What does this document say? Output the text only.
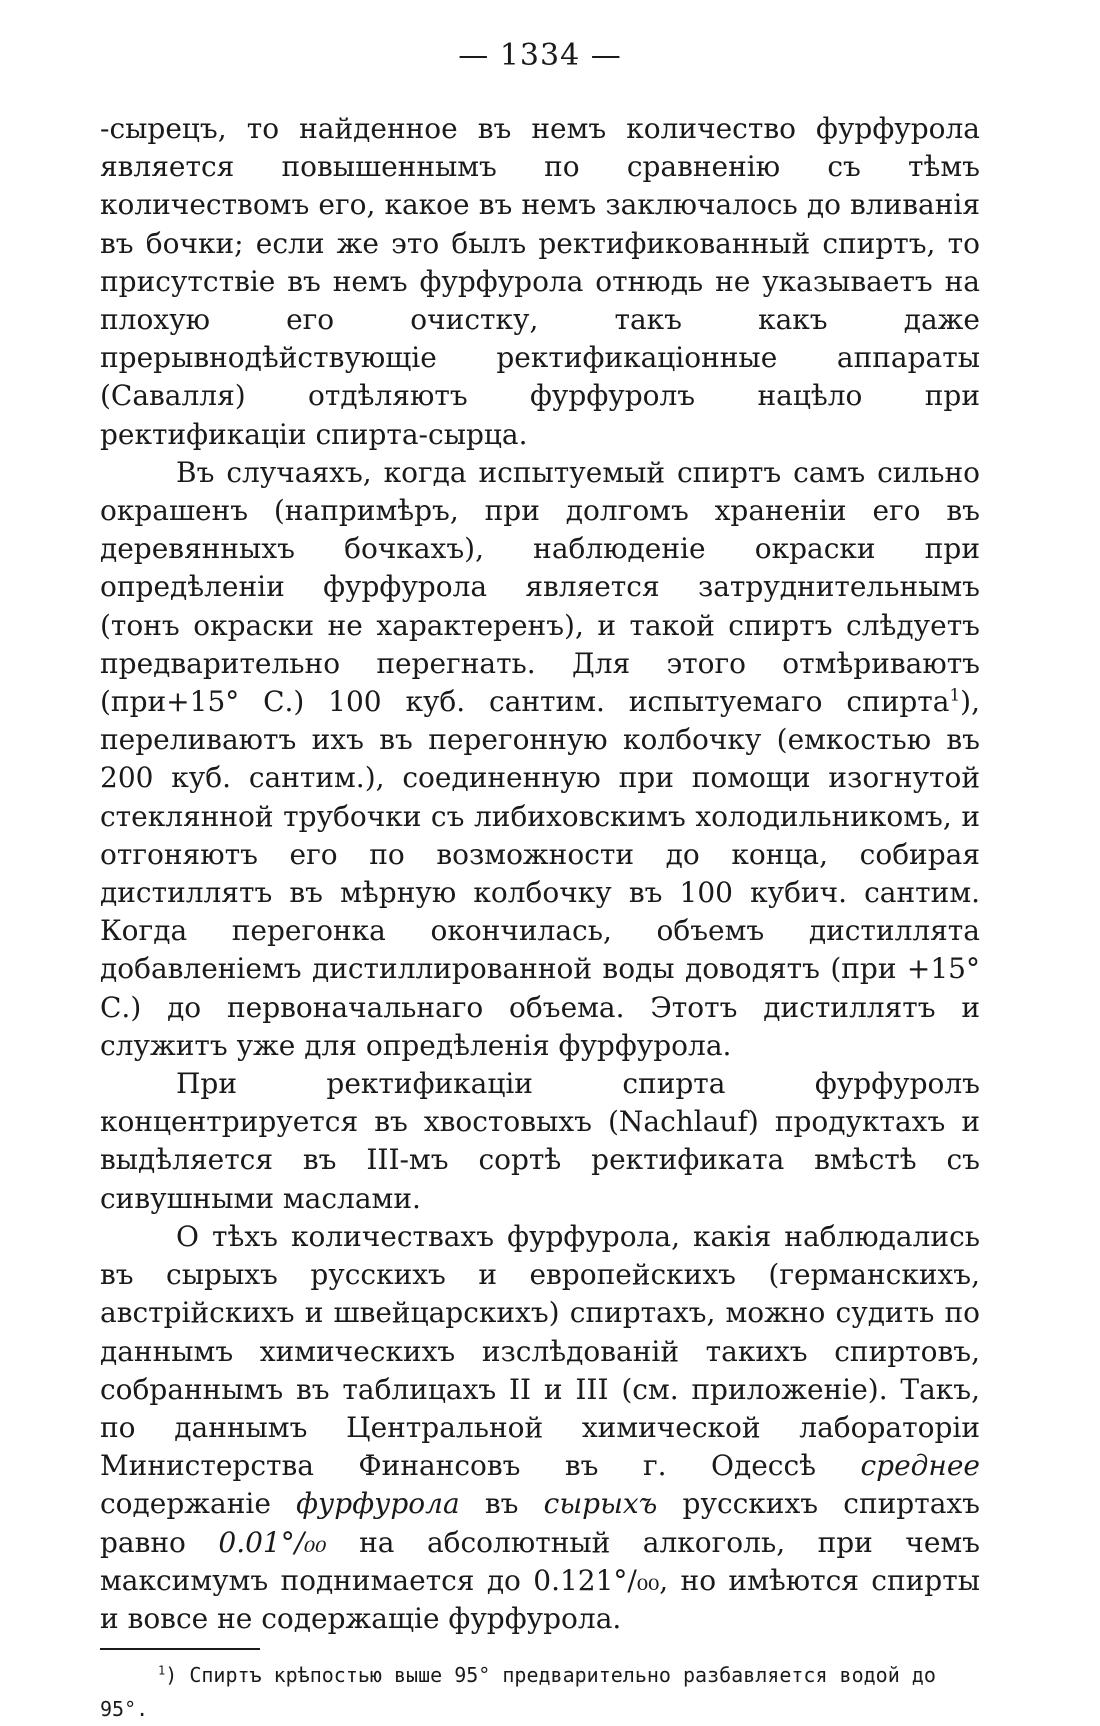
— 1334 —

-сырецъ, то найденное въ немъ количество фурфурола является повышеннымъ по сравненію съ тѣмъ количествомъ его, какое въ немъ заключалось до вливанія въ бочки; если же это былъ ректификованный спиртъ, то присутствіе въ немъ фурфурола отнюдь не указываетъ на плохую его очистку, такъ какъ даже прерывнодѣйствующіе ректификаціонные аппараты (Савалля) отдѣляютъ фурфуролъ нацѣло при ректификаціи спирта-сырца.

Въ случаяхъ, когда испытуемый спиртъ самъ сильно окрашенъ (напримѣръ, при долгомъ храненіи его въ деревянныхъ бочкахъ), наблюденіе окраски при опредѣленіи фурфурола является затруднительнымъ (тонъ окраски не характеренъ), и такой спиртъ слѣдуетъ предварительно перегнать. Для этого отмѣриваютъ (при+15° С.) 100 куб. сантим. испытуемаго спирта$^1$), переливаютъ ихъ въ перегонную колбочку (емкостью въ 200 куб. сантим.), соединенную при помощи изогнутой стеклянной трубочки съ либиховскимъ холодильникомъ, и отгоняютъ его по возможности до конца, собирая дистиллятъ въ мѣрную колбочку въ 100 кубич. сантим. Когда перегонка окончилась, объемъ дистиллята добавленіемъ дистиллированной воды доводятъ (при +15° С.) до первоначальнаго объема. Этотъ дистиллятъ и служитъ уже для опредѣленія фурфурола.

При ректификаціи спирта фурфуролъ концентрируется въ хвостовыхъ (Nachlauf) продуктахъ и выдѣляется въ III-мъ сортѣ ректификата вмѣстѣ съ сивушными маслами.

О тѣхъ количествахъ фурфурола, какія наблюдались въ сырыхъ русскихъ и европейскихъ (германскихъ, австрійскихъ и швейцарскихъ) спиртахъ, можно судить по даннымъ химическихъ изслѣдованій такихъ спиртовъ, собраннымъ въ таблицахъ II и III (см. приложеніе). Такъ, по даннымъ Центральной химической лабораторіи Министерства Финансовъ въ г. Одессѣ среднее содержаніе фурфурола въ сырыхъ русскихъ спиртахъ равно 0.01°/₀₀ на абсолютный алкоголь, при чемъ максимумъ поднимается до 0.121°/₀₀, но имѣются спирты и вовсе не содержащіе фурфурола.

$^1$) Спиртъ крѣпостью выше 95° предварительно разбавляется водой до 95°.
